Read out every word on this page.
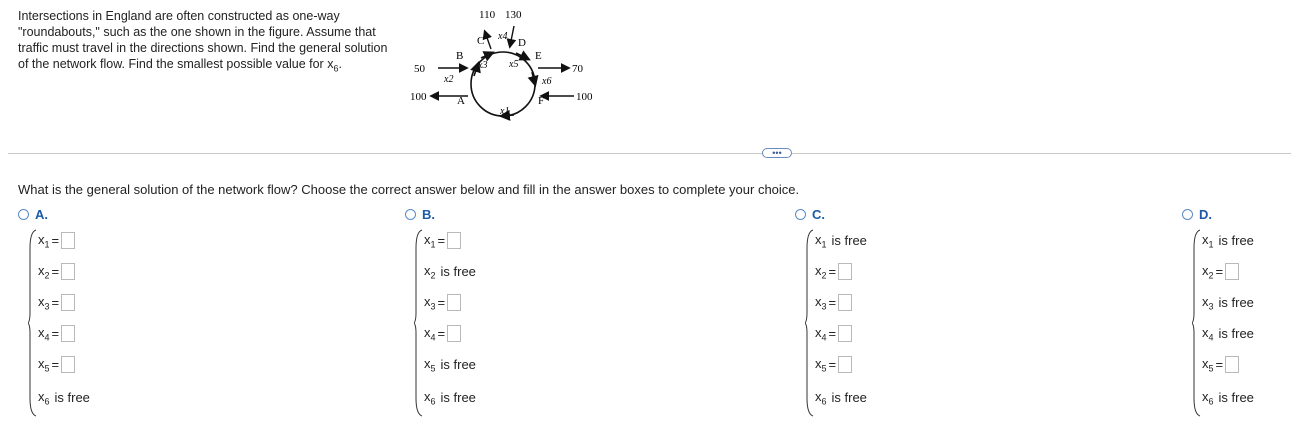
Intersections in England are often constructed as one-way "roundabouts," such as the one shown in the figure. Assume that traffic must travel in the directions shown. Find the general solution of the network flow. Find the smallest possible value for $x_6$.
110 130
50
100
70
100
A
B
C	D
E
F
x1
x2
x3
x4
x5
x6
•••
What is the general solution of the network flow? Choose the correct answer below and fill in the answer boxes to complete your choice.
A.	B.	C.	D.
$x_1$ =
$x_2$ =
$x_3$ =
$x_4$ =
$x_5$ =
$x_6$ is free
$x_1$ =
$x_2$ is free
$x_3$ =
$x_4$ =
$x_5$ is free
$x_6$ is free
$x_1$ is free
$x_2$ =
$x_3$ =
$x_4$ =
$x_5$ =
$x_6$ is free
$x_1$ is free
$x_2$ =
$x_3$ is free
$x_4$ is free
$x_5$ =
$x_6$ is free
